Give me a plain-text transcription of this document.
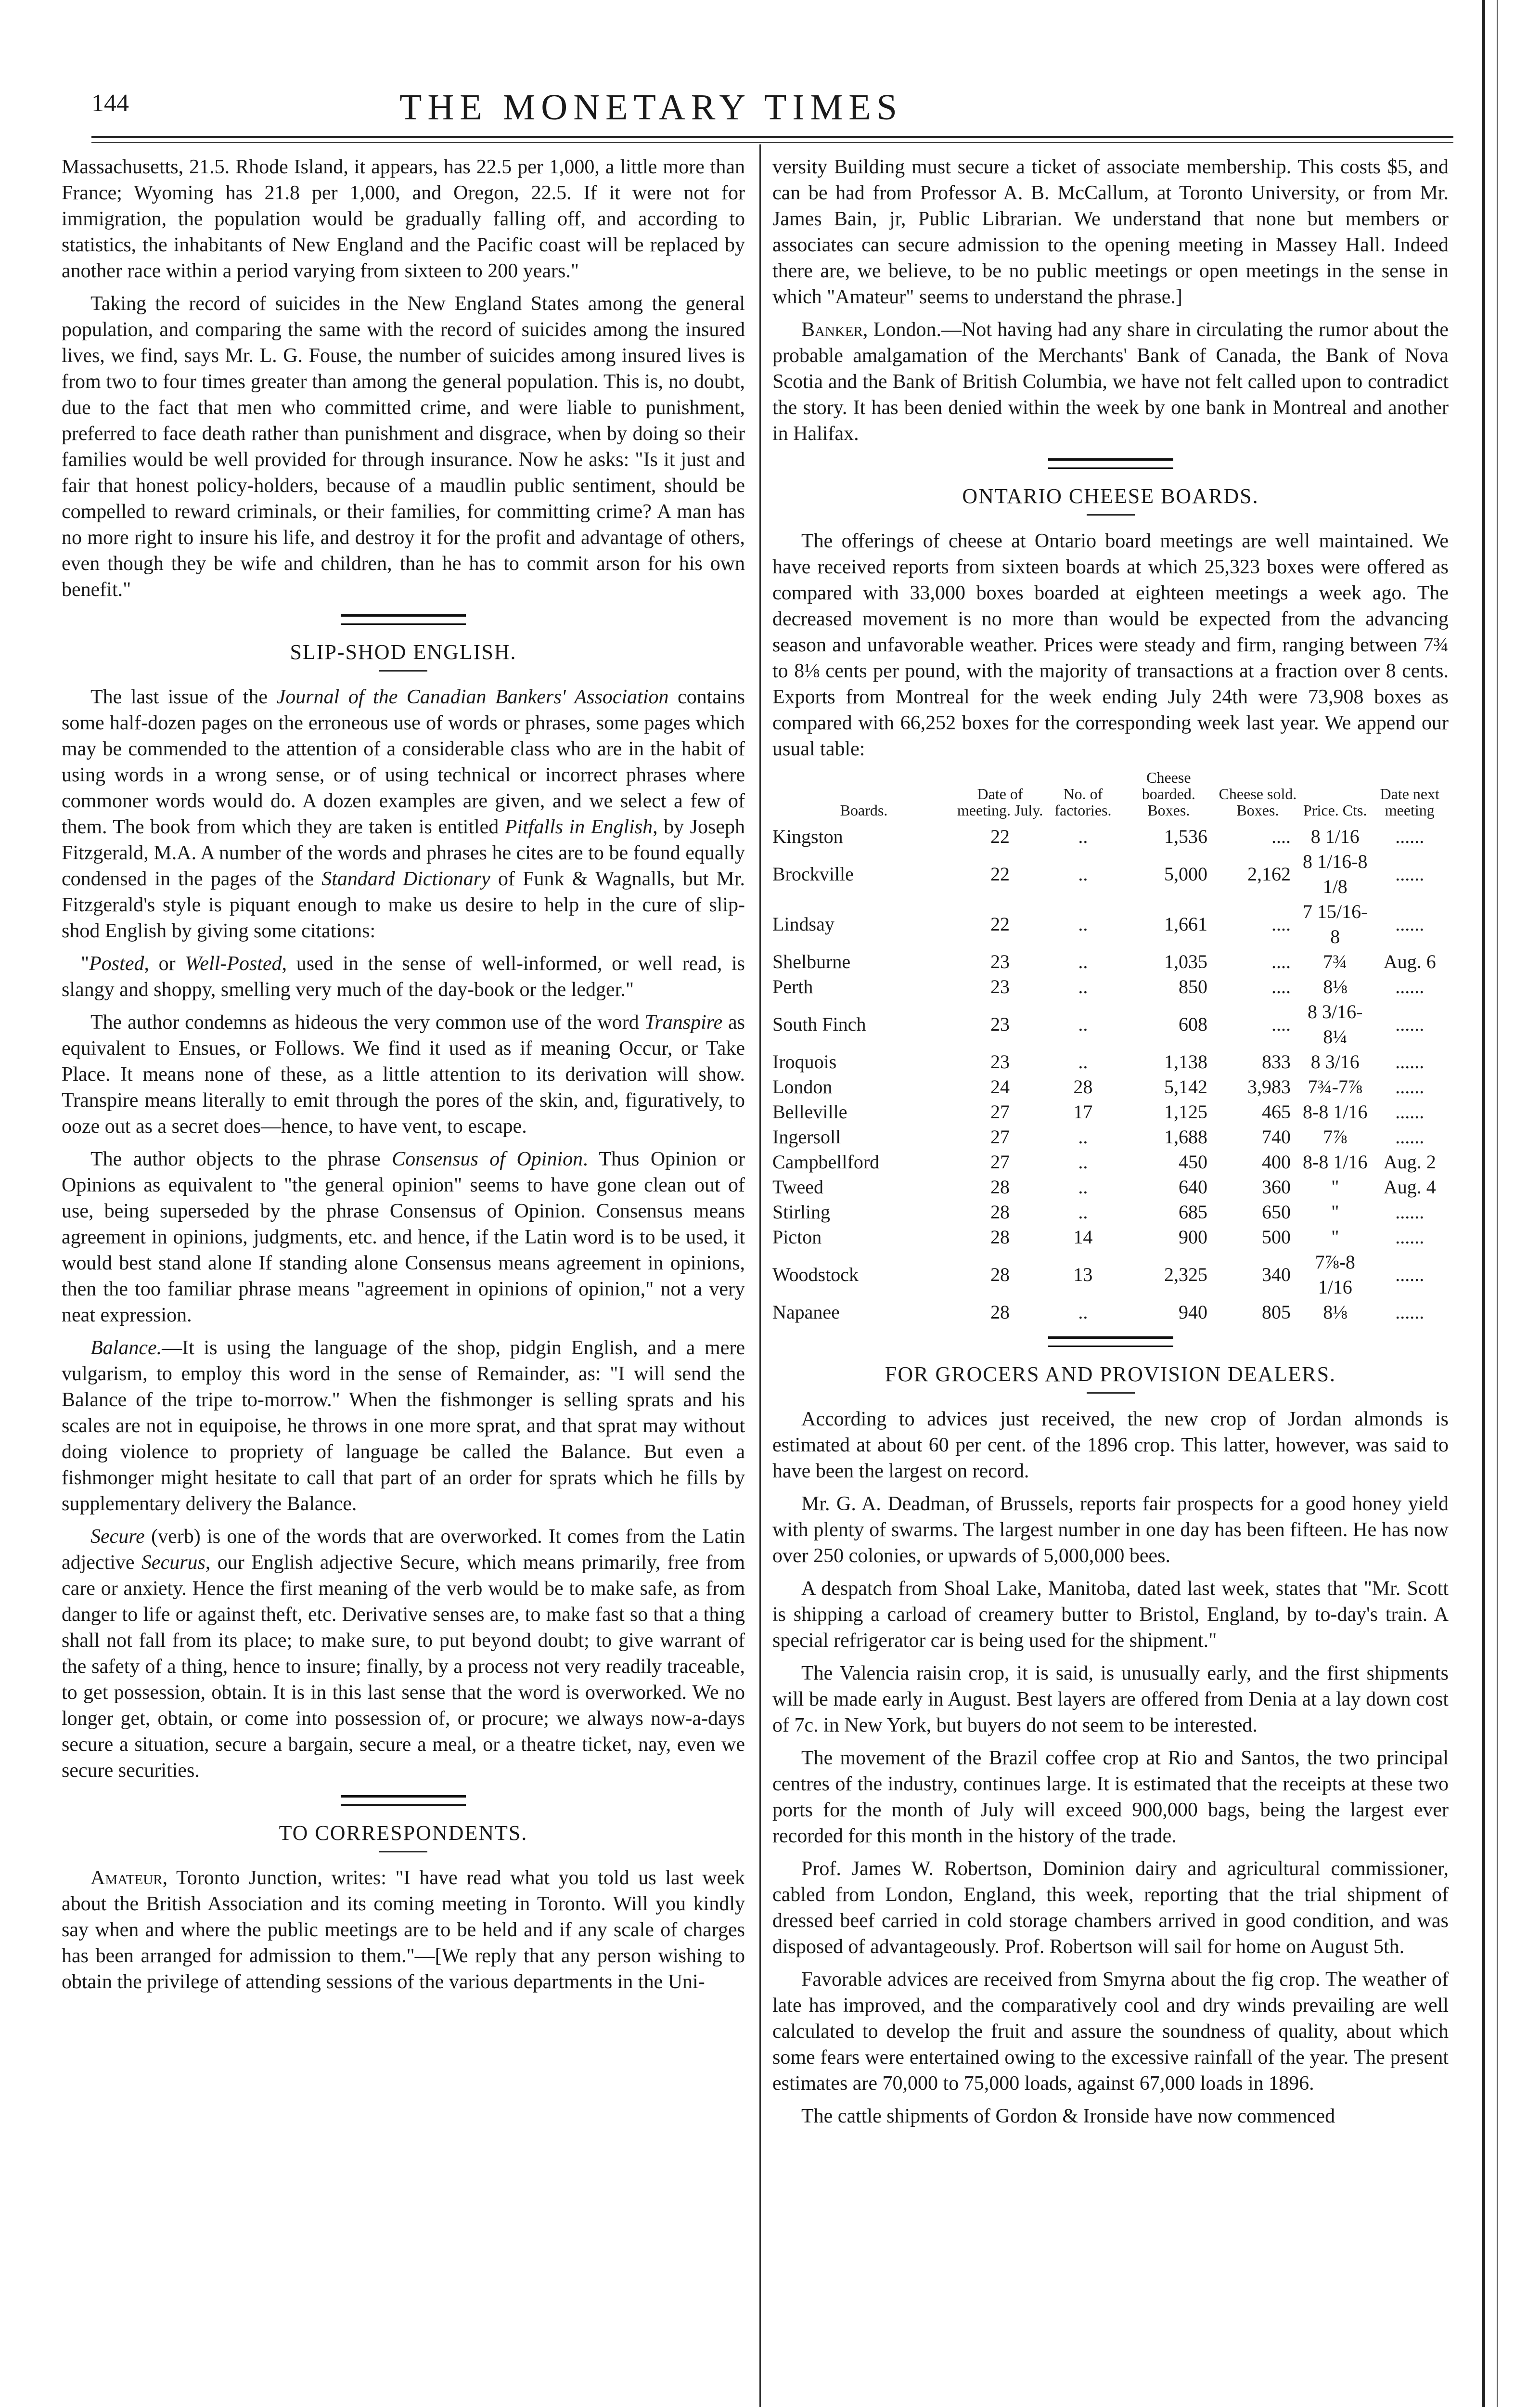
144	THE MONETARY TIMES

Massachusetts, 21.5. Rhode Island, it appears, has 22.5 per 1,000, a little more than France; Wyoming has 21.8 per 1,000, and Oregon, 22.5. If it were not for immigration, the population would be gradually falling off, and according to statistics, the inhabitants of New England and the Pacific coast will be replaced by another race within a period varying from sixteen to 200 years."

Taking the record of suicides in the New England States among the general population, and comparing the same with the record of suicides among the insured lives, we find, says Mr. L. G. Fouse, the number of suicides among insured lives is from two to four times greater than among the general population. This is, no doubt, due to the fact that men who committed crime, and were liable to punishment, preferred to face death rather than punishment and disgrace, when by doing so their families would be well provided for through insurance. Now he asks: "Is it just and fair that honest policy-holders, because of a maudlin public sentiment, should be compelled to reward criminals, or their families, for committing crime? A man has no more right to insure his life, and destroy it for the profit and advantage of others, even though they be wife and children, than he has to commit arson for his own benefit."

SLIP-SHOD ENGLISH.

The last issue of the Journal of the Canadian Bankers' Association contains some half-dozen pages on the erroneous use of words or phrases, some pages which may be commended to the attention of a considerable class who are in the habit of using words in a wrong sense, or of using technical or incorrect phrases where commoner words would do. A dozen examples are given, and we select a few of them. The book from which they are taken is entitled Pitfalls in English, by Joseph Fitzgerald, M.A. A number of the words and phrases he cites are to be found equally condensed in the pages of the Standard Dictionary of Funk & Wagnalls, but Mr. Fitzgerald's style is piquant enough to make us desire to help in the cure of slip-shod English by giving some citations:

"Posted, or Well-Posted, used in the sense of well-informed, or well read, is slangy and shoppy, smelling very much of the day-book or the ledger."

The author condemns as hideous the very common use of the word Transpire as equivalent to Ensues, or Follows. We find it used as if meaning Occur, or Take Place. It means none of these, as a little attention to its derivation will show. Transpire means literally to emit through the pores of the skin, and, figuratively, to ooze out as a secret does—hence, to have vent, to escape.

The author objects to the phrase Consensus of Opinion. Thus Opinion or Opinions as equivalent to "the general opinion" seems to have gone clean out of use, being superseded by the phrase Consensus of Opinion. Consensus means agreement in opinions, judgments, etc. and hence, if the Latin word is to be used, it would best stand alone If standing alone Consensus means agreement in opinions, then the too familiar phrase means "agreement in opinions of opinion," not a very neat expression.

Balance.—It is using the language of the shop, pidgin English, and a mere vulgarism, to employ this word in the sense of Remainder, as: "I will send the Balance of the tripe to-morrow." When the fishmonger is selling sprats and his scales are not in equipoise, he throws in one more sprat, and that sprat may without doing violence to propriety of language be called the Balance. But even a fishmonger might hesitate to call that part of an order for sprats which he fills by supplementary delivery the Balance.

Secure (verb) is one of the words that are overworked. It comes from the Latin adjective Securus, our English adjective Secure, which means primarily, free from care or anxiety. Hence the first meaning of the verb would be to make safe, as from danger to life or against theft, etc. Derivative senses are, to make fast so that a thing shall not fall from its place; to make sure, to put beyond doubt; to give warrant of the safety of a thing, hence to insure; finally, by a process not very readily traceable, to get possession, obtain. It is in this last sense that the word is overworked. We no longer get, obtain, or come into possession of, or procure; we always now-a-days secure a situation, secure a bargain, secure a meal, or a theatre ticket, nay, even we secure securities.

TO CORRESPONDENTS.

Amateur, Toronto Junction, writes: "I have read what you told us last week about the British Association and its coming meeting in Toronto. Will you kindly say when and where the public meetings are to be held and if any scale of charges has been arranged for admission to them."—[We reply that any person wishing to obtain the privilege of attending sessions of the various departments in the Uni-

versity Building must secure a ticket of associate membership. This costs $5, and can be had from Professor A. B. McCallum, at Toronto University, or from Mr. James Bain, jr, Public Librarian. We understand that none but members or associates can secure admission to the opening meeting in Massey Hall. Indeed there are, we believe, to be no public meetings or open meetings in the sense in which "Amateur" seems to understand the phrase.]

Banker, London.—Not having had any share in circulating the rumor about the probable amalgamation of the Merchants' Bank of Canada, the Bank of Nova Scotia and the Bank of British Columbia, we have not felt called upon to contradict the story. It has been denied within the week by one bank in Montreal and another in Halifax.

ONTARIO CHEESE BOARDS.

The offerings of cheese at Ontario board meetings are well maintained. We have received reports from sixteen boards at which 25,323 boxes were offered as compared with 33,000 boxes boarded at eighteen meetings a week ago. The decreased movement is no more than would be expected from the advancing season and unfavorable weather. Prices were steady and firm, ranging between 7¾ to 8⅛ cents per pound, with the majority of transactions at a fraction over 8 cents. Exports from Montreal for the week ending July 24th were 73,908 boxes as compared with 66,252 boxes for the corresponding week last year. We append our usual table:

Boards.	Date of meeting. July.	No. of factories.	Cheese boarded. Boxes.	Cheese sold. Boxes.	Price. Cts.	Date next meeting
Kingston	22	..	1,536	....	8 1/16	......
Brockville	22	..	5,000	2,162	8 1/16-8 1/8	......
Lindsay	22	..	1,661	....	7 15/16-8	......
Shelburne	23	..	1,035	....	7¾	Aug. 6
Perth	23	..	850	....	8⅛	......
South Finch	23	..	608	....	8 3/16-8¼	......
Iroquois	23	..	1,138	833	8 3/16	......
London	24	28	5,142	3,983	7¾-7⅞	......
Belleville	27	17	1,125	465	8-8 1/16	......
Ingersoll	27	..	1,688	740	7⅞	......
Campbellford	27	..	450	400	8-8 1/16	Aug. 2
Tweed	28	..	640	360	"	Aug. 4
Stirling	28	..	685	650	"	......
Picton	28	14	900	500	"	......
Woodstock	28	13	2,325	340	7⅞-8 1/16	......
Napanee	28	..	940	805	8⅛	......
FOR GROCERS AND PROVISION DEALERS.

According to advices just received, the new crop of Jordan almonds is estimated at about 60 per cent. of the 1896 crop. This latter, however, was said to have been the largest on record.

Mr. G. A. Deadman, of Brussels, reports fair prospects for a good honey yield with plenty of swarms. The largest number in one day has been fifteen. He has now over 250 colonies, or upwards of 5,000,000 bees.

A despatch from Shoal Lake, Manitoba, dated last week, states that "Mr. Scott is shipping a carload of creamery butter to Bristol, England, by to-day's train. A special refrigerator car is being used for the shipment."

The Valencia raisin crop, it is said, is unusually early, and the first shipments will be made early in August. Best layers are offered from Denia at a lay down cost of 7c. in New York, but buyers do not seem to be interested.

The movement of the Brazil coffee crop at Rio and Santos, the two principal centres of the industry, continues large. It is estimated that the receipts at these two ports for the month of July will exceed 900,000 bags, being the largest ever recorded for this month in the history of the trade.

Prof. James W. Robertson, Dominion dairy and agricultural commissioner, cabled from London, England, this week, reporting that the trial shipment of dressed beef carried in cold storage chambers arrived in good condition, and was disposed of advantageously. Prof. Robertson will sail for home on August 5th.

Favorable advices are received from Smyrna about the fig crop. The weather of late has improved, and the comparatively cool and dry winds prevailing are well calculated to develop the fruit and assure the soundness of quality, about which some fears were entertained owing to the excessive rainfall of the year. The present estimates are 70,000 to 75,000 loads, against 67,000 loads in 1896.

The cattle shipments of Gordon & Ironside have now commenced
